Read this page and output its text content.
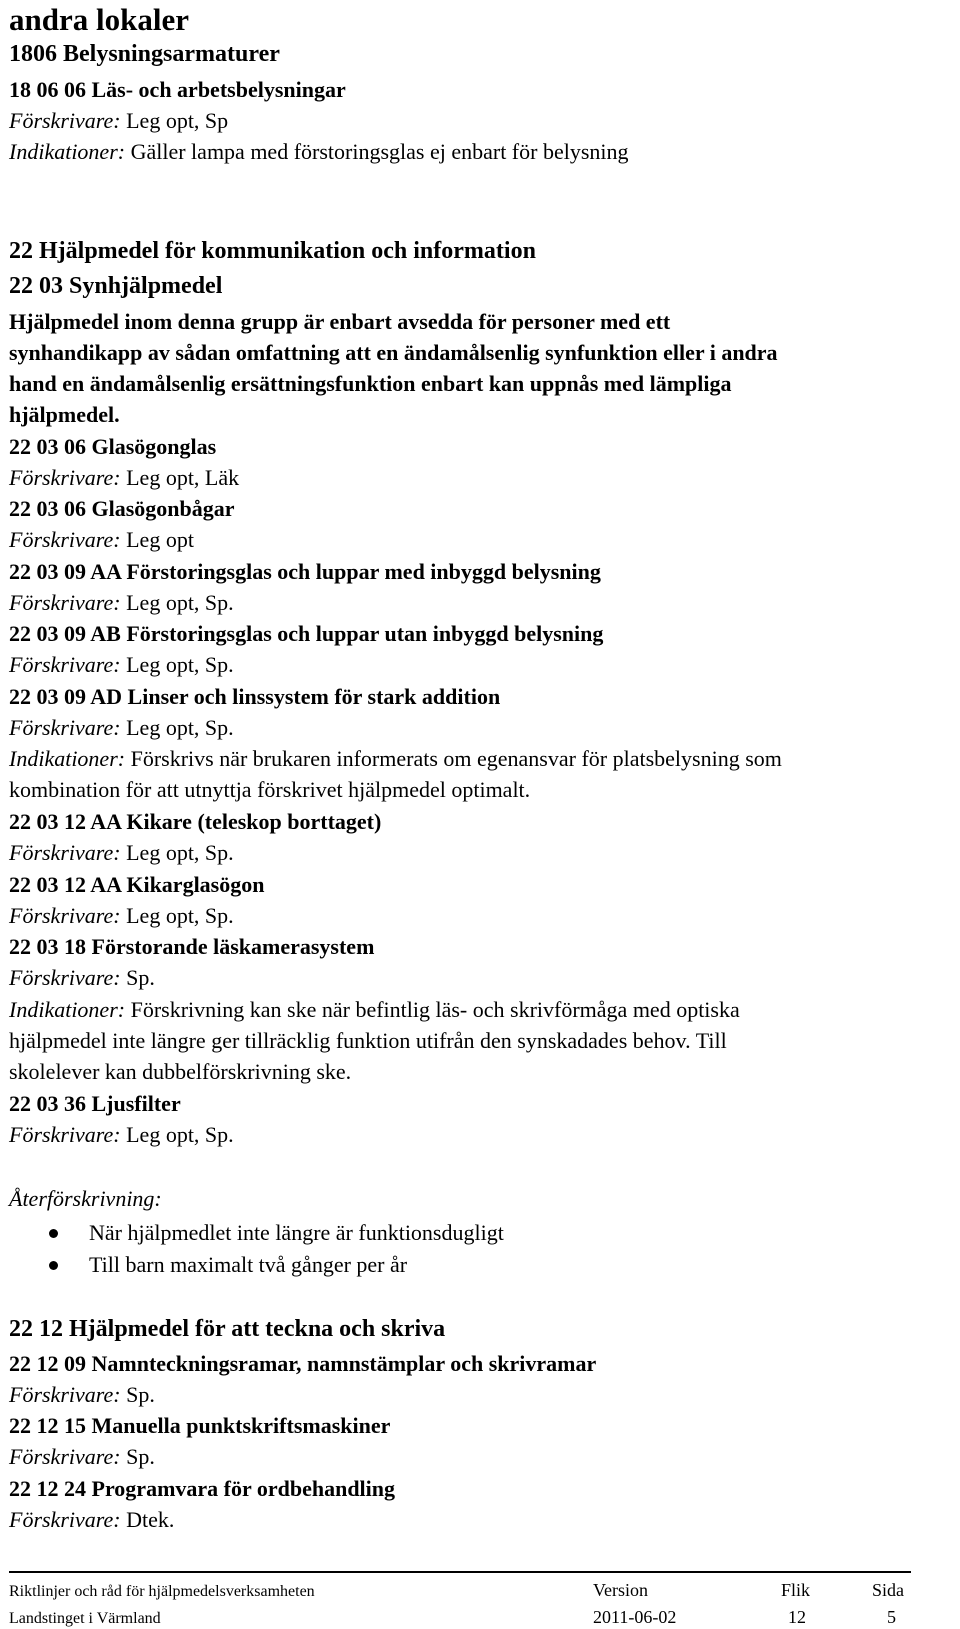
andra lokaler
1806 Belysningsarmaturer
18 06 06 Läs- och arbetsbelysningar
Förskrivare: Leg opt, Sp
Indikationer: Gäller lampa med förstoringsglas ej enbart för belysning
22 Hjälpmedel för kommunikation och information
22 03 Synhjälpmedel
Hjälpmedel inom denna grupp är enbart avsedda för personer med ett
synhandikapp av sådan omfattning att en ändamålsenlig synfunktion eller i andra
hand en ändamålsenlig ersättningsfunktion enbart kan uppnås med lämpliga
hjälpmedel.
22 03 06 Glasögonglas
Förskrivare: Leg opt, Läk
22 03 06 Glasögonbågar
Förskrivare: Leg opt
22 03 09 AA Förstoringsglas och luppar med inbyggd belysning
Förskrivare: Leg opt, Sp.
22 03 09 AB Förstoringsglas och luppar utan inbyggd belysning
Förskrivare: Leg opt, Sp.
22 03 09 AD Linser och linssystem för stark addition
Förskrivare: Leg opt, Sp.
Indikationer: Förskrivs när brukaren informerats om egenansvar för platsbelysning som
kombination för att utnyttja förskrivet hjälpmedel optimalt.
22 03 12 AA Kikare (teleskop borttaget)
Förskrivare: Leg opt, Sp.
22 03 12 AA Kikarglasögon
Förskrivare: Leg opt, Sp.
22 03 18 Förstorande läskamerasystem
Förskrivare: Sp.
Indikationer: Förskrivning kan ske när befintlig läs- och skrivförmåga med optiska
hjälpmedel inte längre ger tillräcklig funktion utifrån den synskadades behov. Till
skolelever kan dubbelförskrivning ske.
22 03 36 Ljusfilter
Förskrivare: Leg opt, Sp.
Återförskrivning:
22 12 Hjälpmedel för att teckna och skriva
22 12 09 Namnteckningsramar, namnstämplar och skrivramar
Förskrivare: Sp.
22 12 15 Manuella punktskriftsmaskiner
Förskrivare: Sp.
22 12 24 Programvara för ordbehandling
Förskrivare: Dtek.
När hjälpmedlet inte längre är funktionsdugligt
Till barn maximalt två gånger per år
Riktlinjer och råd för hjälpmedelsverksamheten
Landstinget i Värmland
Version
2011-06-02
Flik
12
Sida
5
